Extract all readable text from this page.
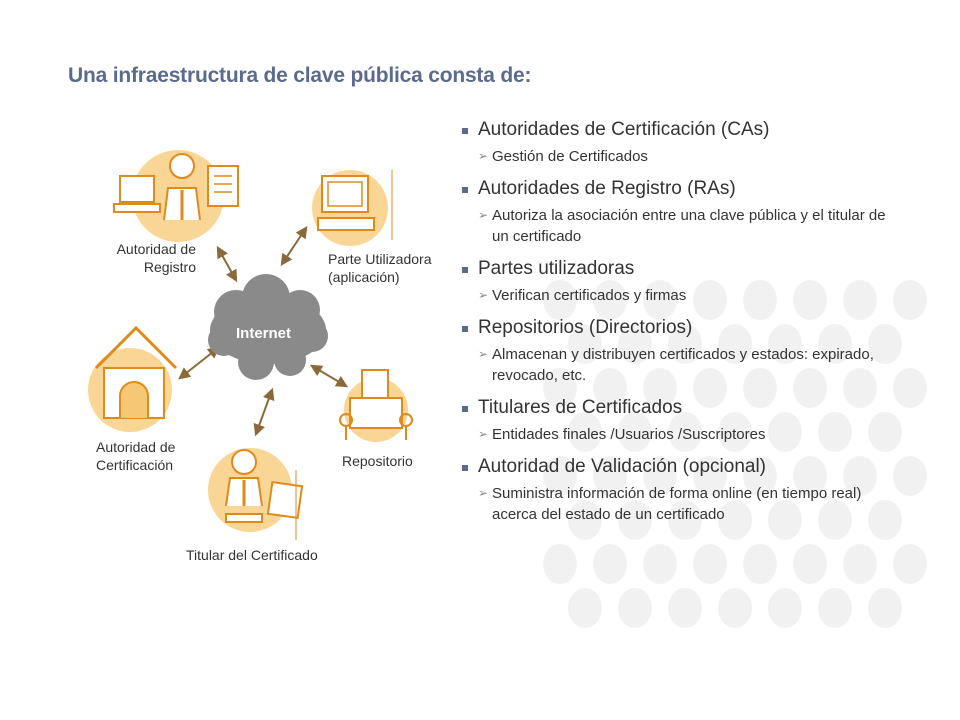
Una infraestructura de clave pública consta de:
Internet
Autoridad de
Registro	Parte Utilizadora
(aplicación)
Autoridad de
Certificación	Repositorio
Titular del Certificado
Autoridades de Certificación (CAs)
➢ Gestión de Certificados
Autoridades de Registro (RAs)
➢ Autoriza la asociación entre una clave pública y el titular de un certificado
Partes utilizadoras
➢ Verifican certificados y firmas
Repositorios (Directorios)
➢ Almacenan y distribuyen certificados y estados: expirado, revocado, etc.
Titulares de Certificados
➢ Entidades finales /Usuarios /Suscriptores
Autoridad de Validación (opcional)
➢ Suministra información de forma online (en tiempo real) acerca del estado de un certificado
